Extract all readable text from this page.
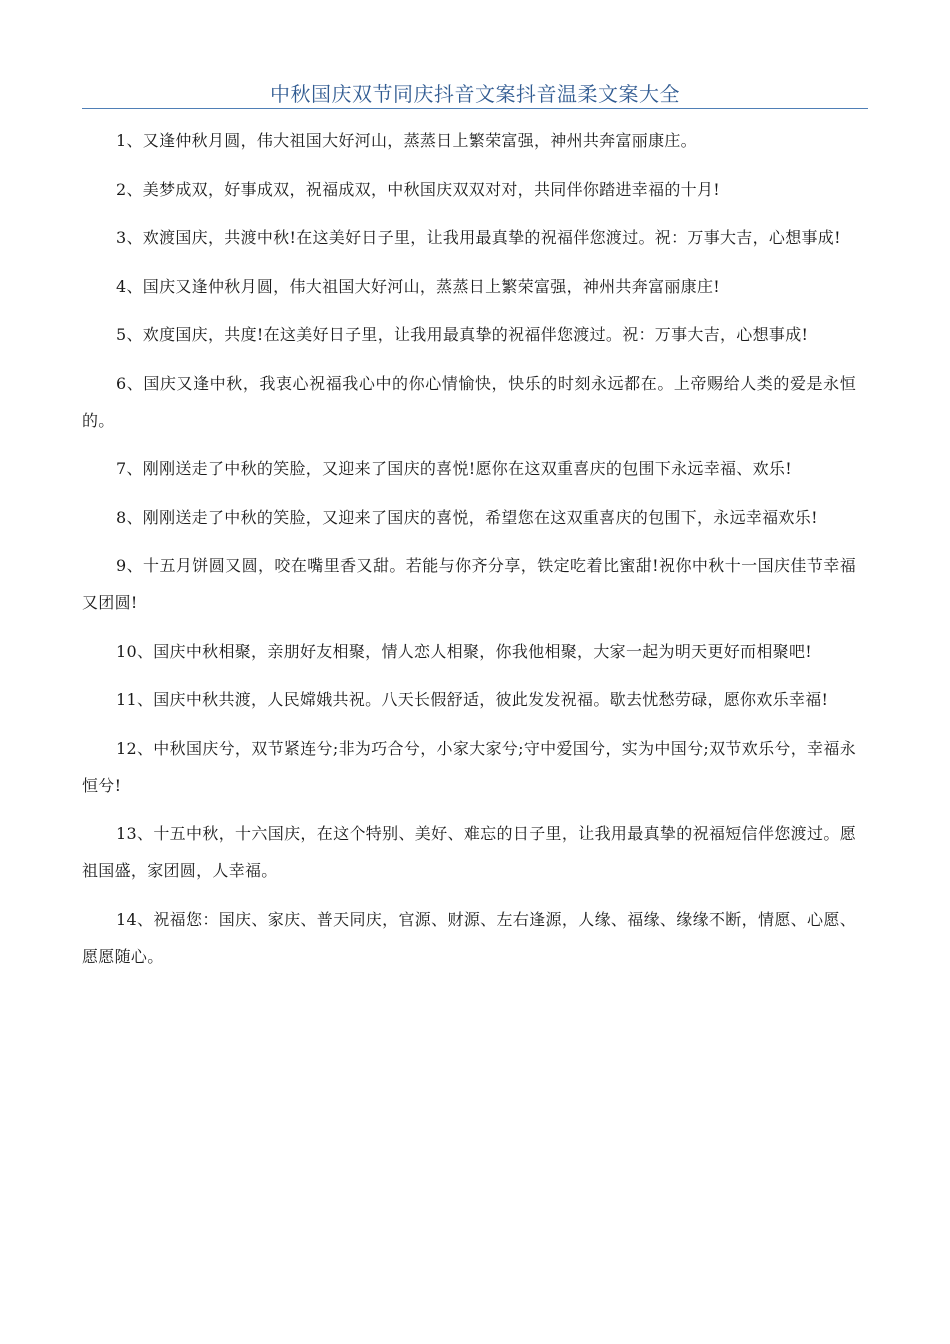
中秋国庆双节同庆抖音文案抖音温柔文案大全

1、又逢仲秋月圆，伟大祖国大好河山，蒸蒸日上繁荣富强，神州共奔富丽康庄。

2、美梦成双，好事成双，祝福成双，中秋国庆双双对对，共同伴你踏进幸福的十月!

3、欢渡国庆，共渡中秋!在这美好日子里，让我用最真挚的祝福伴您渡过。祝：万事大吉，心想事成!

4、国庆又逢仲秋月圆，伟大祖国大好河山，蒸蒸日上繁荣富强，神州共奔富丽康庄!

5、欢度国庆，共度!在这美好日子里，让我用最真挚的祝福伴您渡过。祝：万事大吉，心想事成!

6、国庆又逢中秋，我衷心祝福我心中的你心情愉快，快乐的时刻永远都在。上帝赐给人类的爱是永恒的。

7、刚刚送走了中秋的笑脸，又迎来了国庆的喜悦!愿你在这双重喜庆的包围下永远幸福、欢乐!

8、刚刚送走了中秋的笑脸，又迎来了国庆的喜悦，希望您在这双重喜庆的包围下，永远幸福欢乐!

9、十五月饼圆又圆，咬在嘴里香又甜。若能与你齐分享，铁定吃着比蜜甜!祝你中秋十一国庆佳节幸福又团圆!

10、国庆中秋相聚，亲朋好友相聚，情人恋人相聚，你我他相聚，大家一起为明天更好而相聚吧!

11、国庆中秋共渡，人民嫦娥共祝。八天长假舒适，彼此发发祝福。歇去忧愁劳碌，愿你欢乐幸福!

12、中秋国庆兮，双节紧连兮;非为巧合兮，小家大家兮;守中爱国兮，实为中国兮;双节欢乐兮，幸福永恒兮!

13、十五中秋，十六国庆，在这个特别、美好、难忘的日子里，让我用最真挚的祝福短信伴您渡过。愿祖国盛，家团圆，人幸福。

14、祝福您：国庆、家庆、普天同庆，官源、财源、左右逢源，人缘、福缘、缘缘不断，情愿、心愿、愿愿随心。
